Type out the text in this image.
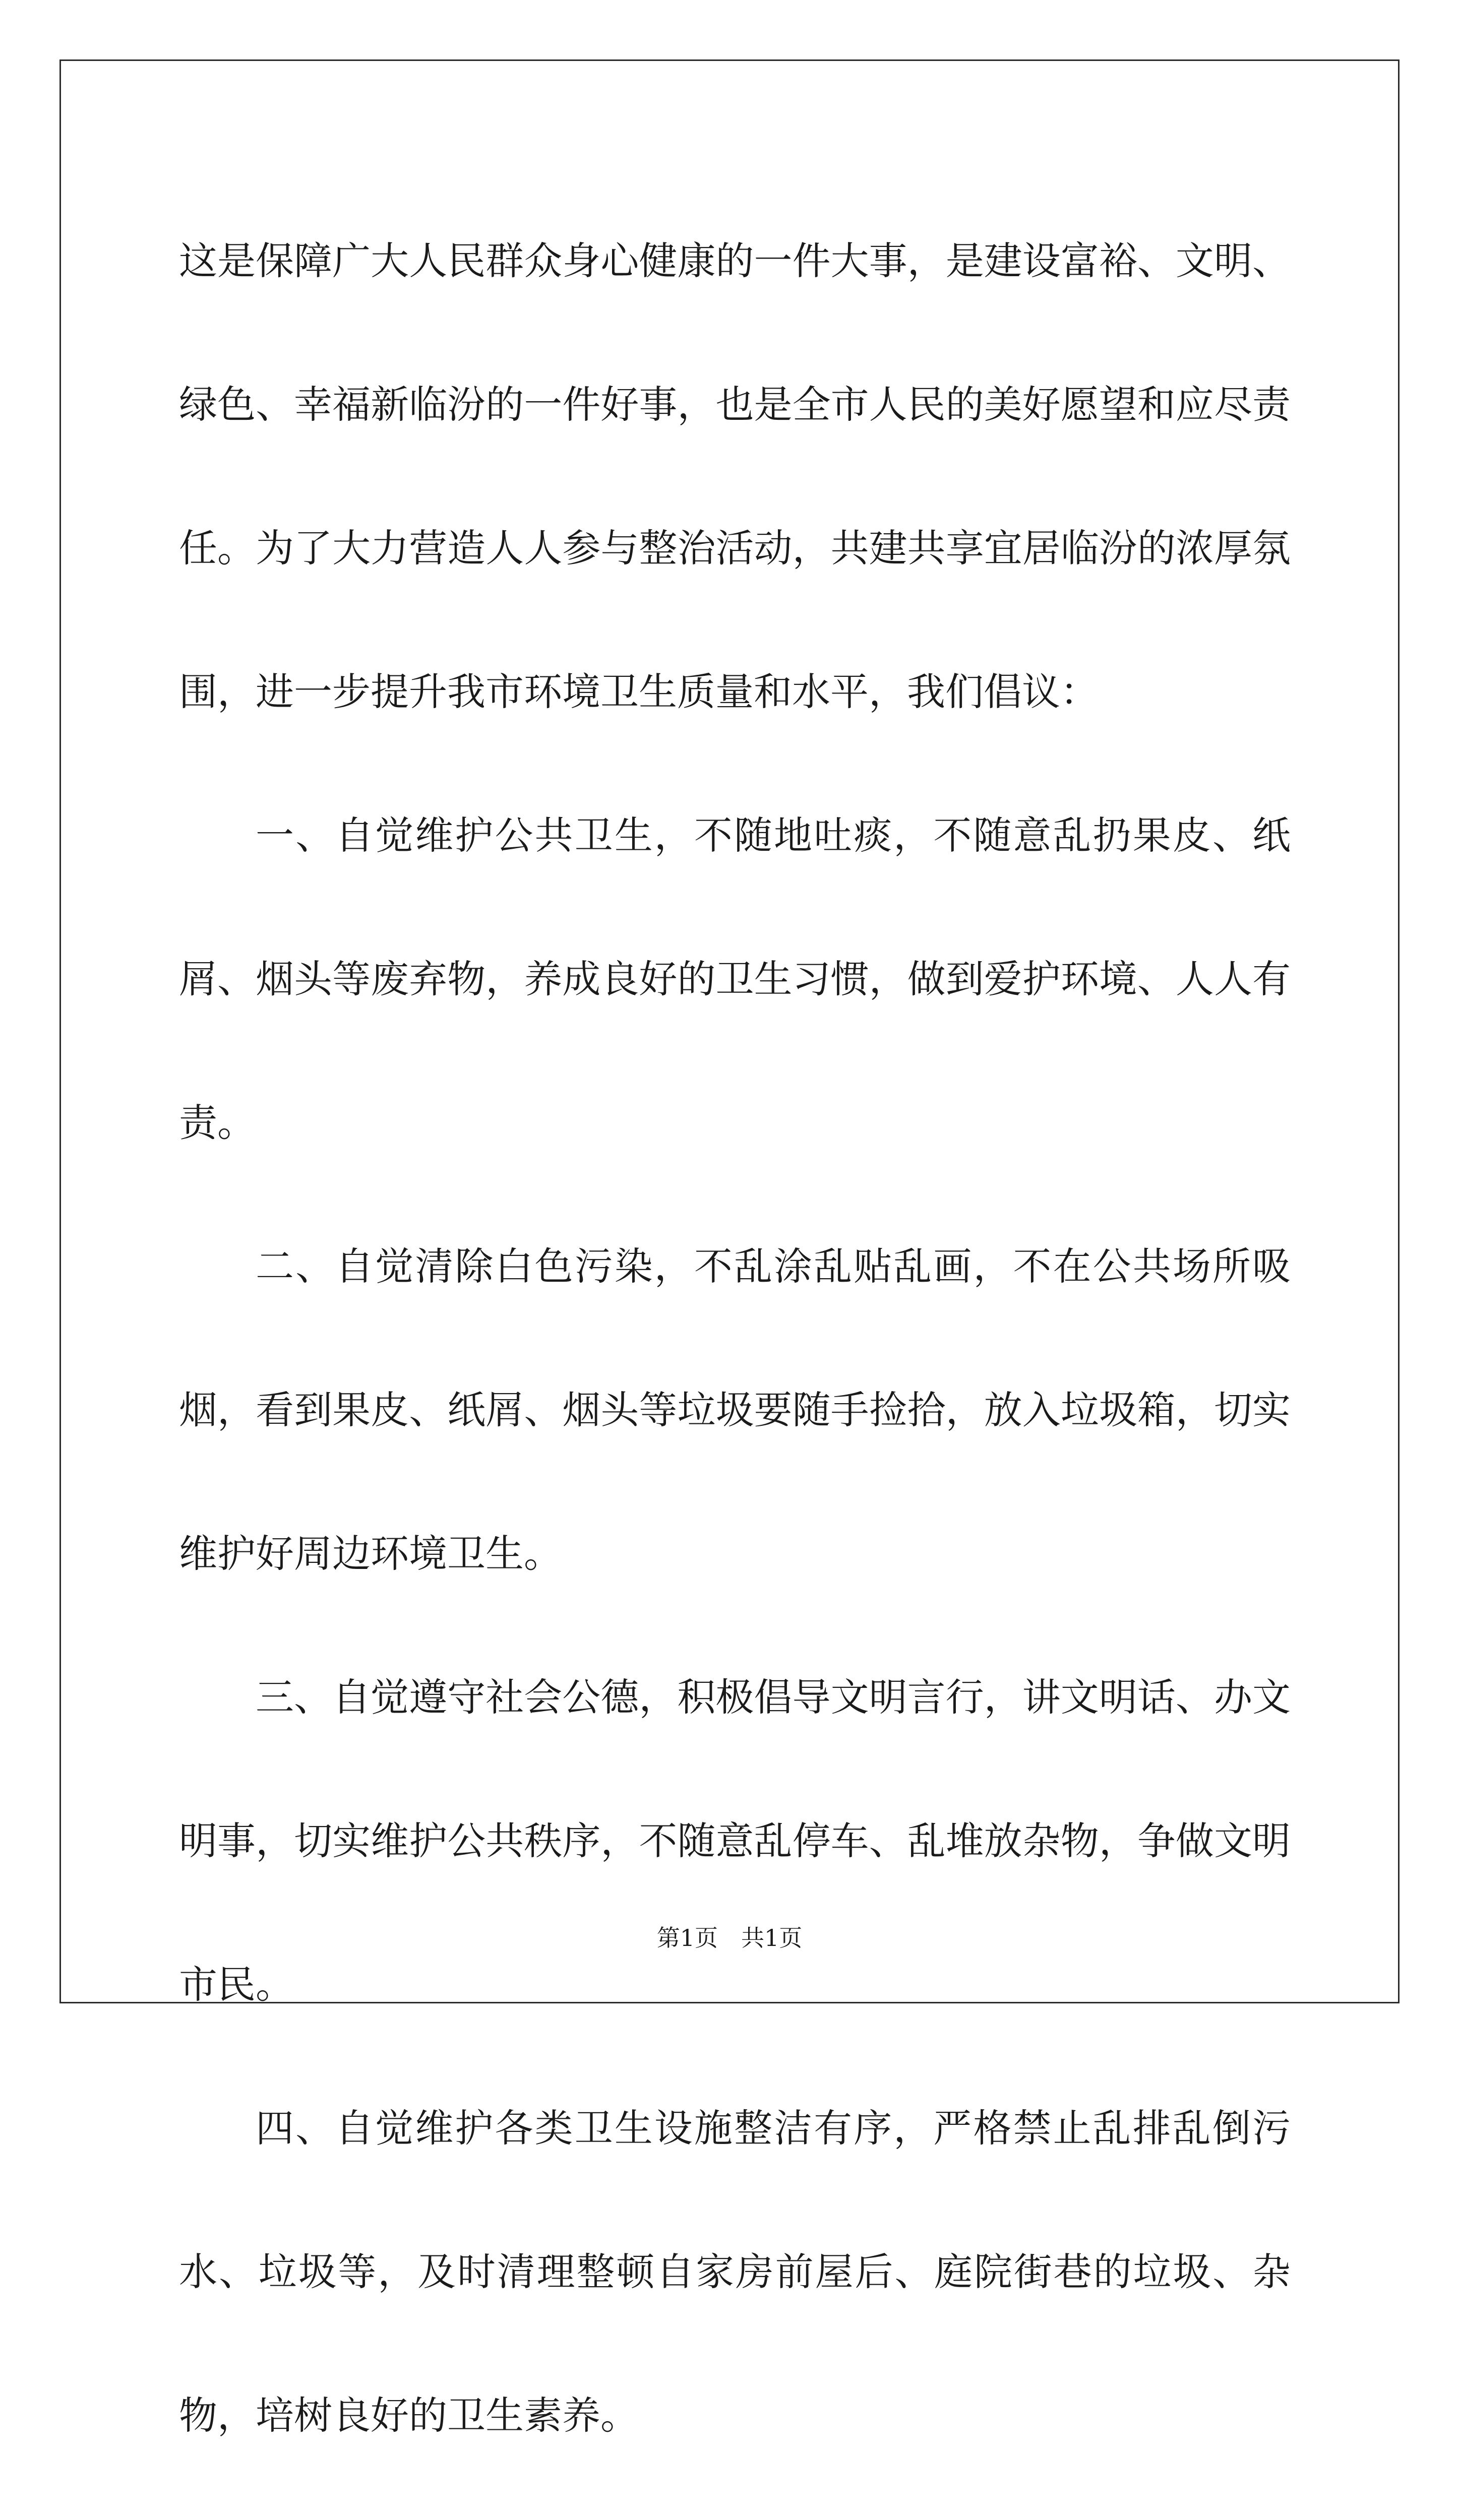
这是保障广大人民群众身心健康的一件大事，是建设富裕、文明、绿色、幸福新临汾的一件好事，也是全市人民的美好愿望和应尽责任。为了大力营造人人参与整治活动，共建共享宜居临汾的浓厚氛围，进一步提升我市环境卫生质量和水平，我们倡议：

一、自觉维护公共卫生，不随地吐痰，不随意乱扔果皮、纸屑、烟头等废弃物，养成良好的卫生习惯，做到爱护环境、人人有责。

二、自觉清除白色污染，不乱涂乱贴乱画，不在公共场所吸烟，看到果皮、纸屑、烟头等垃圾要随手捡拾，放入垃圾箱，切实维护好周边环境卫生。

三、自觉遵守社会公德，积极倡导文明言行，讲文明话、办文明事，切实维护公共秩序，不随意乱停车、乱堆放杂物，争做文明市民。

四、自觉维护各类卫生设施整洁有序，严格禁止乱排乱倒污水、垃圾等，及时清理整顿自家房前屋后、庭院街巷的垃圾、杂物，培树良好的卫生素养。

第1页 共1页
